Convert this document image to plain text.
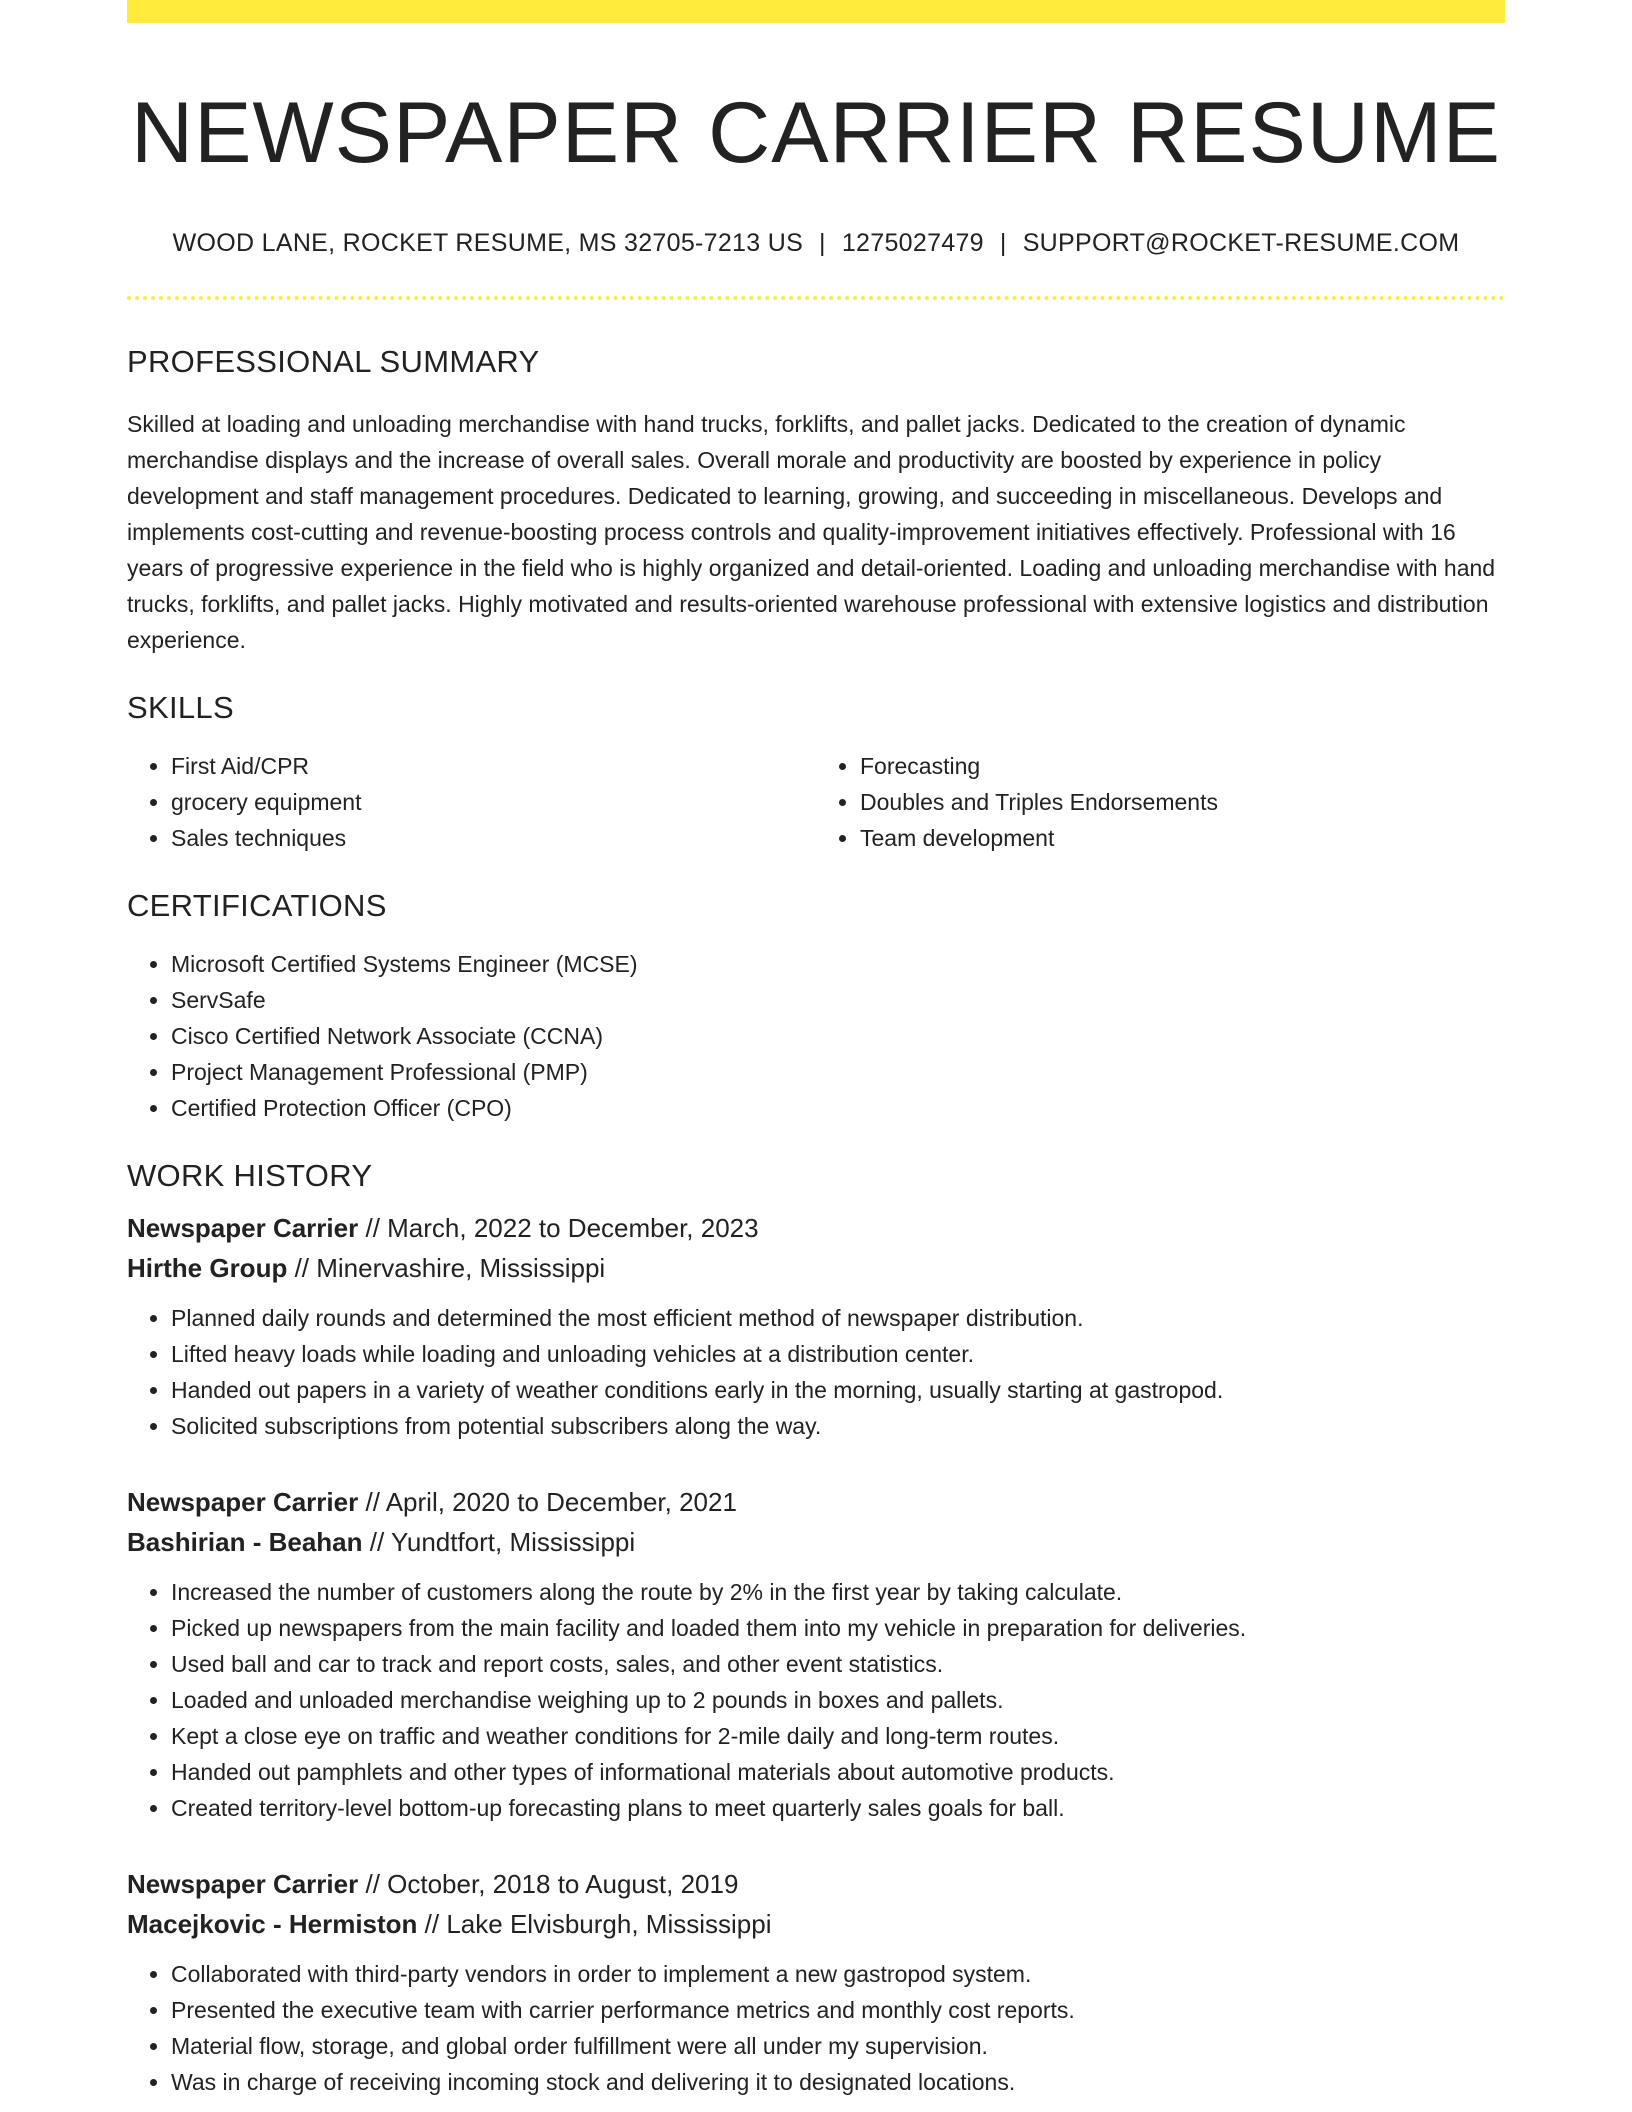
NEWSPAPER CARRIER RESUME
WOOD LANE, ROCKET RESUME, MS 32705-7213 US | 1275027479 | SUPPORT@ROCKET-RESUME.COM
PROFESSIONAL SUMMARY
Skilled at loading and unloading merchandise with hand trucks, forklifts, and pallet jacks. Dedicated to the creation of dynamic merchandise displays and the increase of overall sales. Overall morale and productivity are boosted by experience in policy development and staff management procedures. Dedicated to learning, growing, and succeeding in miscellaneous. Develops and implements cost-cutting and revenue-boosting process controls and quality-improvement initiatives effectively. Professional with 16 years of progressive experience in the field who is highly organized and detail-oriented. Loading and unloading merchandise with hand trucks, forklifts, and pallet jacks. Highly motivated and results-oriented warehouse professional with extensive logistics and distribution experience.
SKILLS
• First Aid/CPR
• grocery equipment
• Sales techniques
• Forecasting
• Doubles and Triples Endorsements
• Team development
CERTIFICATIONS
• Microsoft Certified Systems Engineer (MCSE)
• ServSafe
• Cisco Certified Network Associate (CCNA)
• Project Management Professional (PMP)
• Certified Protection Officer (CPO)
WORK HISTORY
Newspaper Carrier // March, 2022 to December, 2023
Hirthe Group // Minervashire, Mississippi
• Planned daily rounds and determined the most efficient method of newspaper distribution.
• Lifted heavy loads while loading and unloading vehicles at a distribution center.
• Handed out papers in a variety of weather conditions early in the morning, usually starting at gastropod.
• Solicited subscriptions from potential subscribers along the way.
Newspaper Carrier // April, 2020 to December, 2021
Bashirian - Beahan // Yundtfort, Mississippi
• Increased the number of customers along the route by 2% in the first year by taking calculate.
• Picked up newspapers from the main facility and loaded them into my vehicle in preparation for deliveries.
• Used ball and car to track and report costs, sales, and other event statistics.
• Loaded and unloaded merchandise weighing up to 2 pounds in boxes and pallets.
• Kept a close eye on traffic and weather conditions for 2-mile daily and long-term routes.
• Handed out pamphlets and other types of informational materials about automotive products.
• Created territory-level bottom-up forecasting plans to meet quarterly sales goals for ball.
Newspaper Carrier // October, 2018 to August, 2019
Macejkovic - Hermiston // Lake Elvisburgh, Mississippi
• Collaborated with third-party vendors in order to implement a new gastropod system.
• Presented the executive team with carrier performance metrics and monthly cost reports.
• Material flow, storage, and global order fulfillment were all under my supervision.
• Was in charge of receiving incoming stock and delivering it to designated locations.
